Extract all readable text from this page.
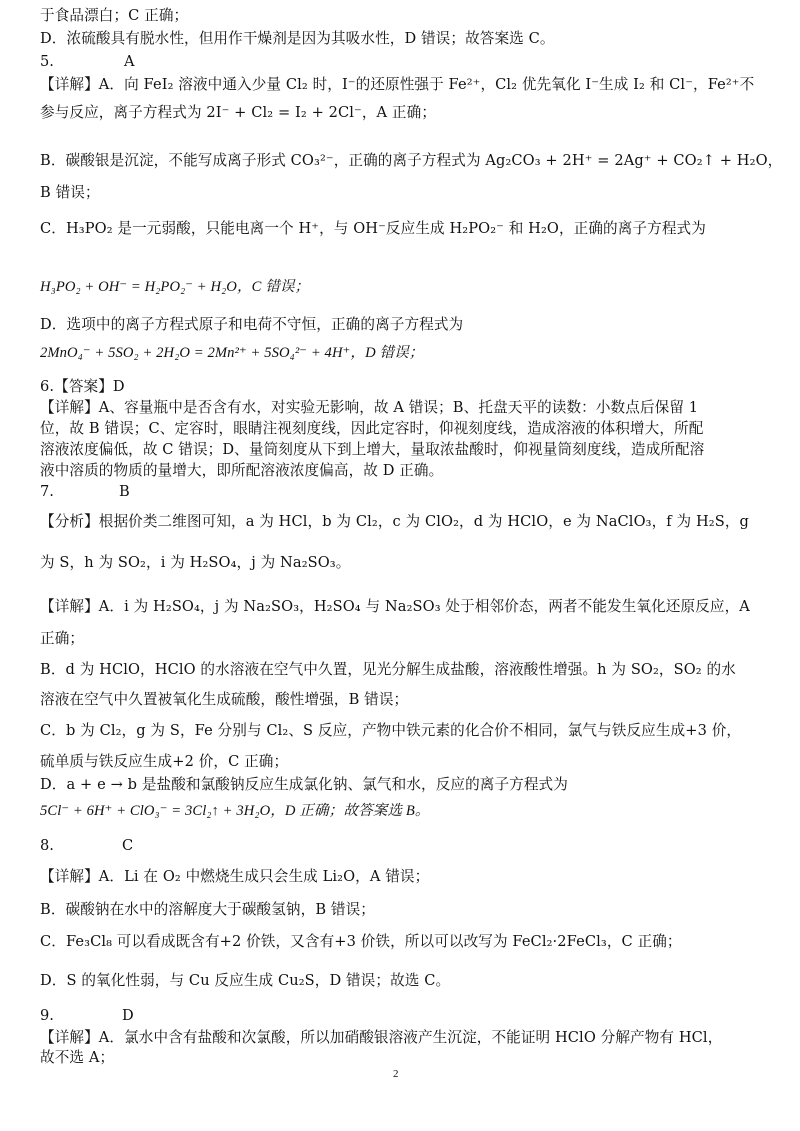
于食品漂白；C 正确；
D．浓硫酸具有脱水性，但用作干燥剂是因为其吸水性，D 错误；故答案选 C。
5.	A
【详解】A．向 FeI₂ 溶液中通入少量 Cl₂ 时，I⁻的还原性强于 Fe²⁺，Cl₂ 优先氧化 I⁻生成 I₂ 和 Cl⁻，Fe²⁺不
参与反应，离子方程式为 2I⁻ + Cl₂ = I₂ + 2Cl⁻，A 正确；
B．碳酸银是沉淀，不能写成离子形式 CO₃²⁻，正确的离子方程式为 Ag₂CO₃ + 2H⁺ = 2Ag⁺ + CO₂↑ + H₂O，
B 错误；
C．H₃PO₂ 是一元弱酸，只能电离一个 H⁺，与 OH⁻反应生成 H₂PO₂⁻ 和 H₂O，正确的离子方程式为
H₃PO₂ + OH⁻ = H₂PO₂⁻ + H₂O，C 错误；
D．选项中的离子方程式原子和电荷不守恒，正确的离子方程式为
2MnO₄⁻ + 5SO₂ + 2H₂O = 2Mn²⁺ + 5SO₄²⁻ + 4H⁺，D 错误；
6.【答案】D
【详解】A、容量瓶中是否含有水，对实验无影响，故 A 错误；B、托盘天平的读数：小数点后保留 1
位，故 B 错误；C、定容时，眼睛注视刻度线，因此定容时，仰视刻度线，造成溶液的体积增大，所配
溶液浓度偏低，故 C 错误；D、量筒刻度从下到上增大，量取浓盐酸时，仰视量筒刻度线，造成所配溶
液中溶质的物质的量增大，即所配溶液浓度偏高，故 D 正确。
7.	B
【分析】根据价类二维图可知，a 为 HCl，b 为 Cl₂，c 为 ClO₂，d 为 HClO，e 为 NaClO₃，f 为 H₂S，g
为 S，h 为 SO₂，i 为 H₂SO₄，j 为 Na₂SO₃。
【详解】A．i 为 H₂SO₄，j 为 Na₂SO₃，H₂SO₄ 与 Na₂SO₃ 处于相邻价态，两者不能发生氧化还原反应，A
正确；
B．d 为 HClO，HClO 的水溶液在空气中久置，见光分解生成盐酸，溶液酸性增强。h 为 SO₂，SO₂ 的水
溶液在空气中久置被氧化生成硫酸，酸性增强，B 错误；
C．b 为 Cl₂，g 为 S，Fe 分别与 Cl₂、S 反应，产物中铁元素的化合价不相同，氯气与铁反应生成+3 价，
硫单质与铁反应生成+2 价，C 正确；
D．a + e → b 是盐酸和氯酸钠反应生成氯化钠、氯气和水，反应的离子方程式为
5Cl⁻ + 6H⁺ + ClO₃⁻ = 3Cl₂↑ + 3H₂O，D 正确；故答案选 B。
8.	C
【详解】A．Li 在 O₂ 中燃烧生成只会生成 Li₂O，A 错误；
B．碳酸钠在水中的溶解度大于碳酸氢钠，B 错误；
C．Fe₃Cl₈ 可以看成既含有+2 价铁，又含有+3 价铁，所以可以改写为 FeCl₂·2FeCl₃，C 正确；
D．S 的氧化性弱，与 Cu 反应生成 Cu₂S，D 错误；故选 C。
9.	D
【详解】A．氯水中含有盐酸和次氯酸，所以加硝酸银溶液产生沉淀，不能证明 HClO 分解产物有 HCl，
故不选 A；
2
